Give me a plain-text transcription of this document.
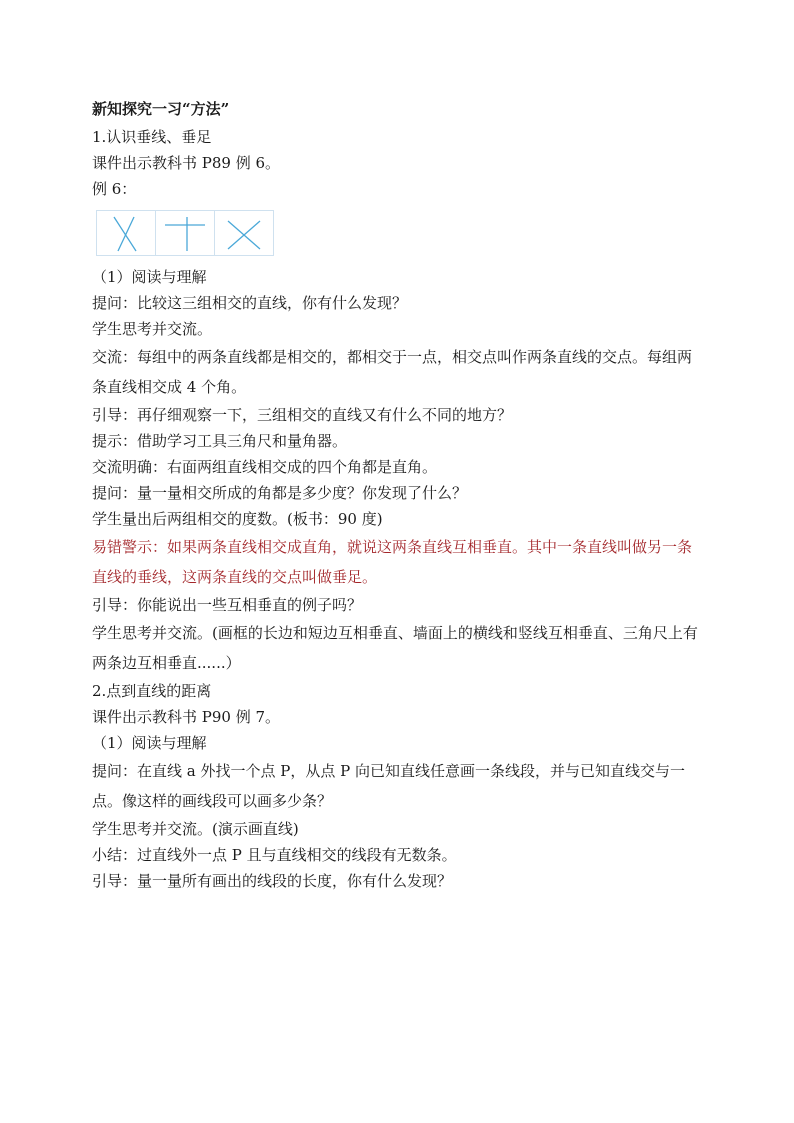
新知探究一习“方法”

1.认识垂线、垂足

课件出示教科书 P89 例 6。

例 6：

（1）阅读与理解

提问：比较这三组相交的直线，你有什么发现？

学生思考并交流。

交流：每组中的两条直线都是相交的，都相交于一点，相交点叫作两条直线的交点。每组两条直线相交成 4 个角。

引导：再仔细观察一下，三组相交的直线又有什么不同的地方？

提示：借助学习工具三角尺和量角器。

交流明确：右面两组直线相交成的四个角都是直角。

提问：量一量相交所成的角都是多少度？你发现了什么？

学生量出后两组相交的度数。(板书：90 度)

易错警示：如果两条直线相交成直角，就说这两条直线互相垂直。其中一条直线叫做另一条直线的垂线，这两条直线的交点叫做垂足。

引导：你能说出一些互相垂直的例子吗？

学生思考并交流。(画框的长边和短边互相垂直、墙面上的横线和竖线互相垂直、三角尺上有两条边互相垂直......）

2.点到直线的距离

课件出示教科书 P90 例 7。

（1）阅读与理解

提问：在直线 a 外找一个点 P，从点 P 向已知直线任意画一条线段，并与已知直线交与一点。像这样的画线段可以画多少条？

学生思考并交流。(演示画直线)

小结：过直线外一点 P 且与直线相交的线段有无数条。

引导：量一量所有画出的线段的长度，你有什么发现？
